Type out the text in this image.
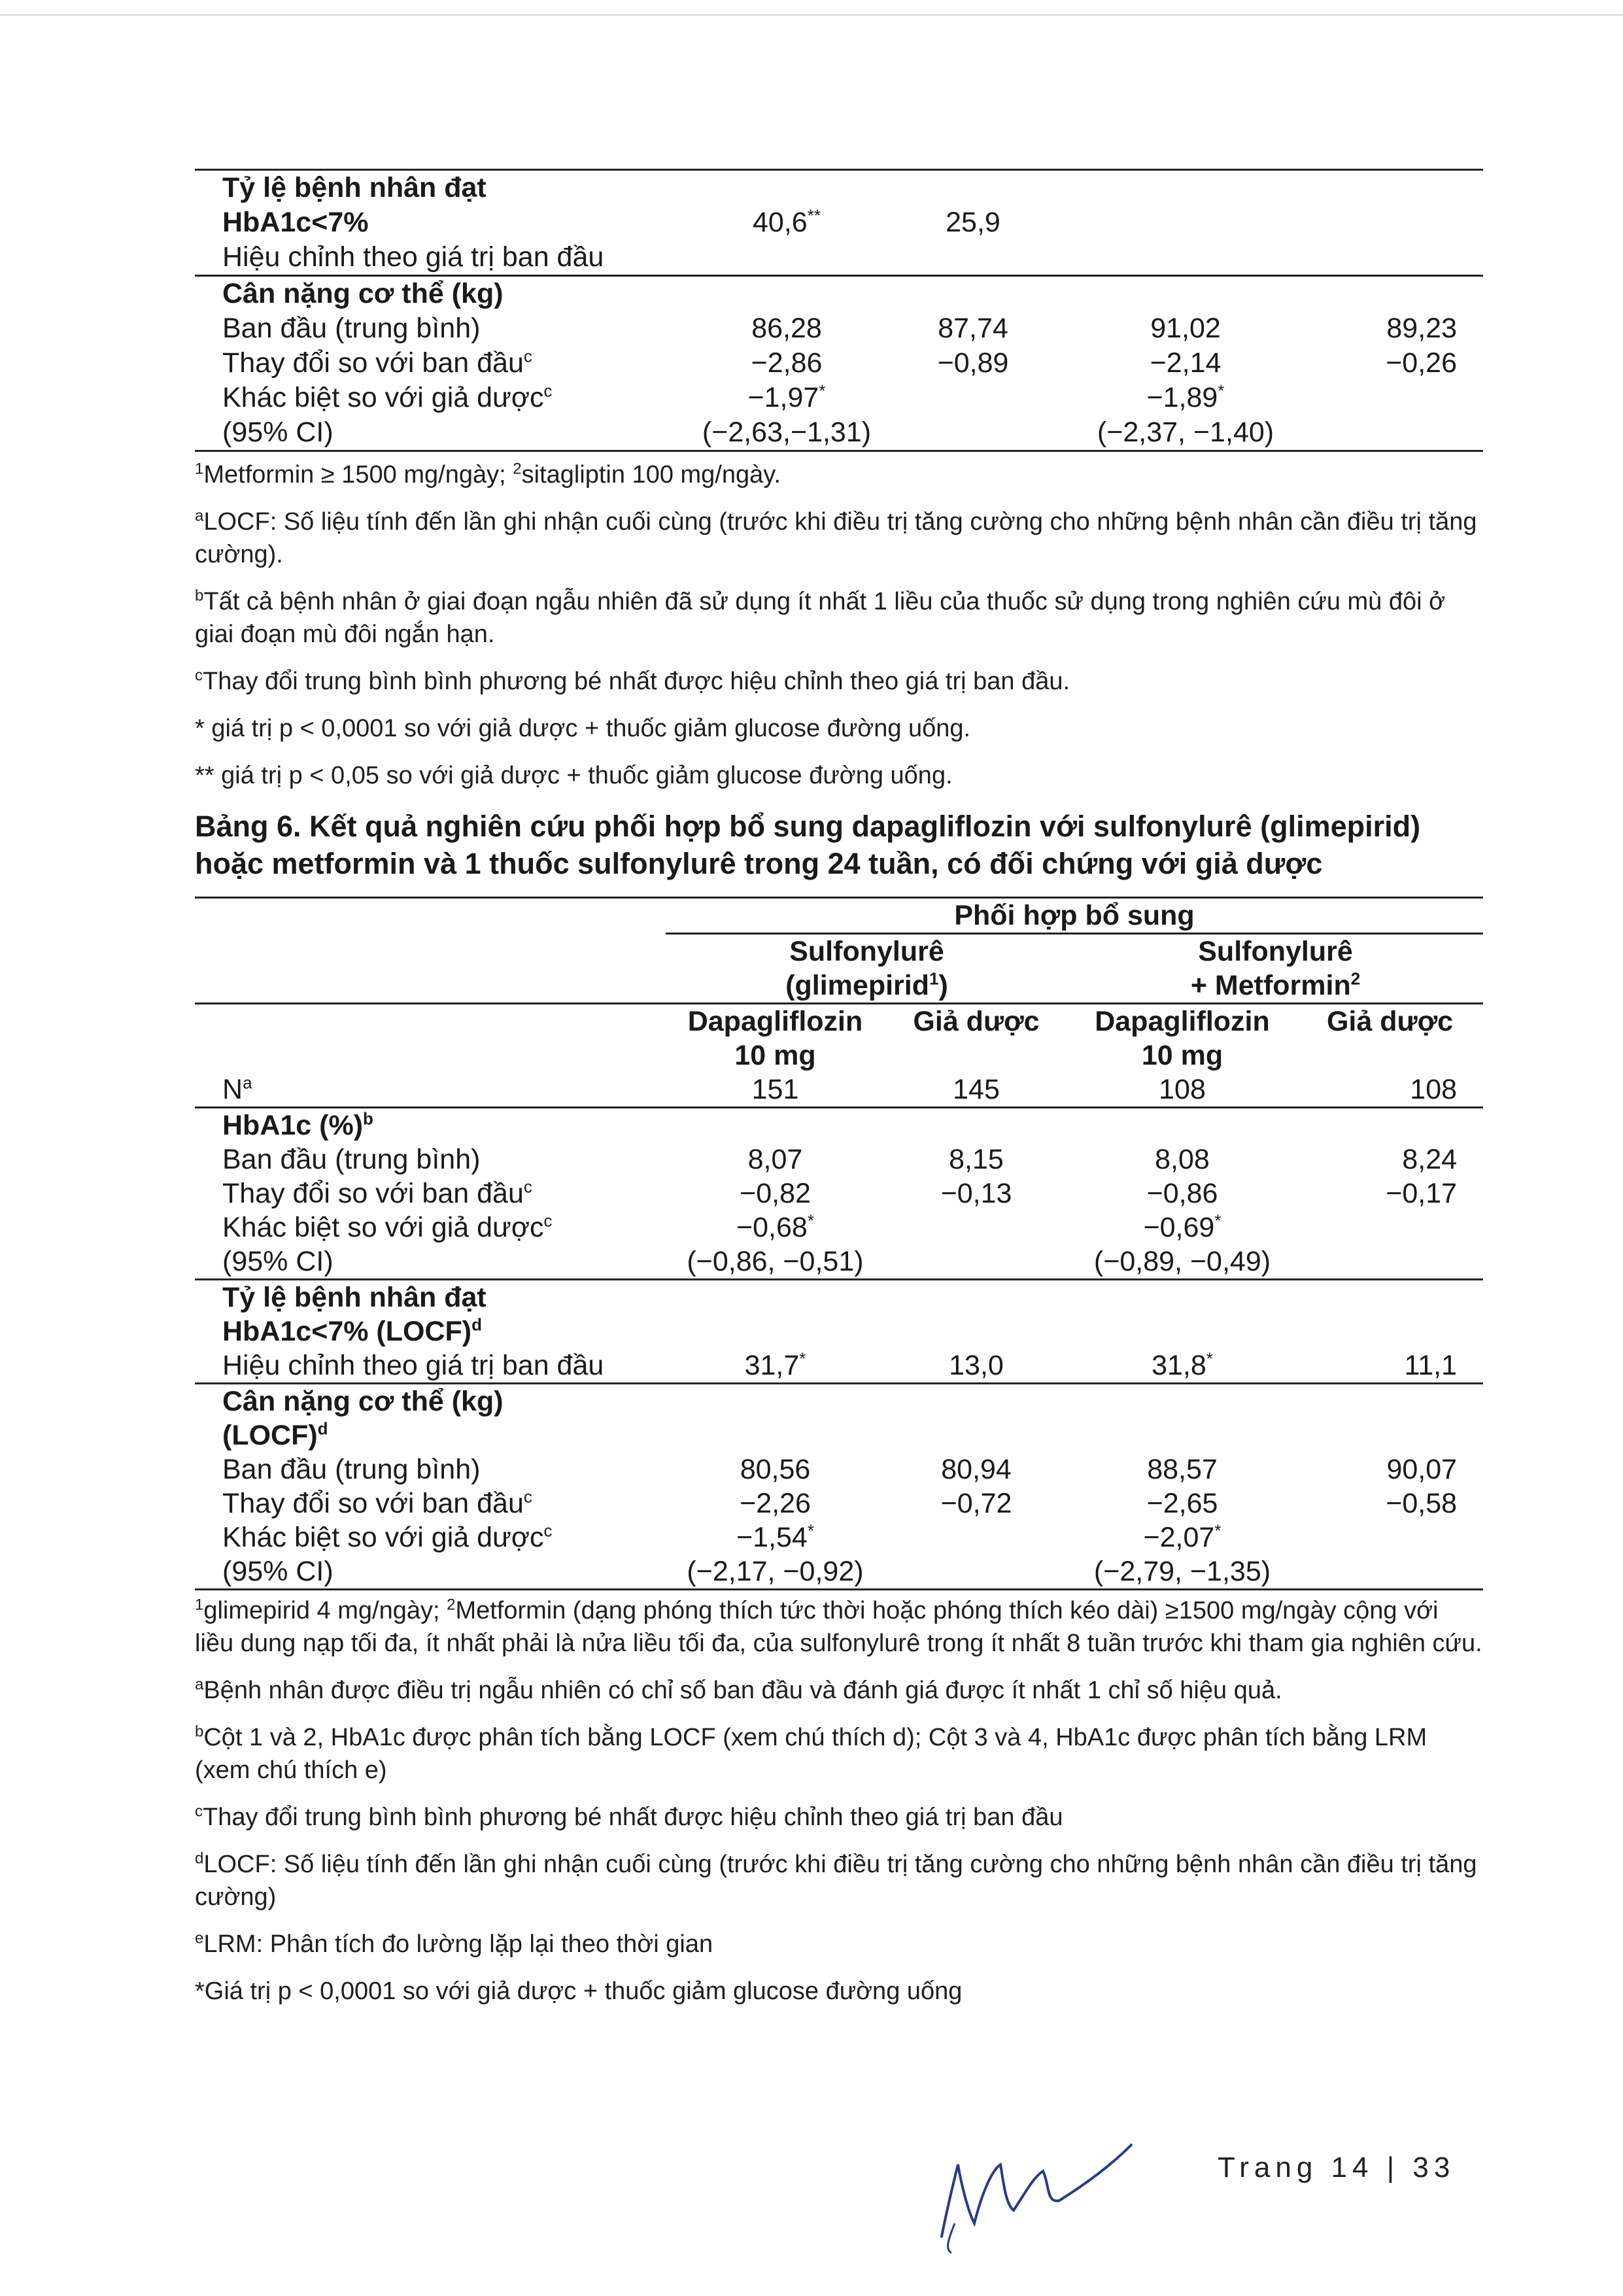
Tỷ lệ bệnh nhân đạt				
HbA1c<7%	40,6**	25,9		
Hiệu chỉnh theo giá trị ban đầu				
Cân nặng cơ thể (kg)				
Ban đầu (trung bình)	86,28	87,74	91,02	89,23
Thay đổi so với ban đầu$^c$	−2,86	−0,89	−2,14	−0,26
Khác biệt so với giả dược$^c$	−1,97*		−1,89*	
(95% CI)	(−2,63,−1,31)		(−2,37, −1,40)	

$^1$Metformin ≥ 1500 mg/ngày; $^2$sitagliptin 100 mg/ngày.

$^a$LOCF: Số liệu tính đến lần ghi nhận cuối cùng (trước khi điều trị tăng cường cho những bệnh nhân cần điều trị tăng cường).

$^b$Tất cả bệnh nhân ở giai đoạn ngẫu nhiên đã sử dụng ít nhất 1 liều của thuốc sử dụng trong nghiên cứu mù đôi ở giai đoạn mù đôi ngắn hạn.

$^c$Thay đổi trung bình bình phương bé nhất được hiệu chỉnh theo giá trị ban đầu.

* giá trị p < 0,0001 so với giả dược + thuốc giảm glucose đường uống.

** giá trị p < 0,05 so với giả dược + thuốc giảm glucose đường uống.

Bảng 6. Kết quả nghiên cứu phối hợp bổ sung dapagliflozin với sulfonylurê (glimepirid) hoặc metformin và 1 thuốc sulfonylurê trong 24 tuần, có đối chứng với giả dược
	Phối hợp bổ sung			
	Sulfonylurê		Sulfonylurê	
	(glimepirid$^1$)		+ Metformin$^2$
	Dapagliflozin	Giả dược	Dapagliflozin	Giả dược
	10 mg		10 mg	
$N^a$	151	145	108	108
HbA1c (%)$^b$				
Ban đầu (trung bình)	8,07	8,15	8,08	8,24
Thay đổi so với ban đầu$^c$	−0,82	−0,13	−0,86	−0,17
Khác biệt so với giả dược$^c$	−0,68*		−0,69*	
(95% CI)	(−0,86, −0,51)		(−0,89, −0,49)	
Tỷ lệ bệnh nhân đạt				
HbA1c<7% (LOCF)$^d$				
Hiệu chỉnh theo giá trị ban đầu	31,7*	13,0	31,8*	11,1
Cân nặng cơ thể (kg)				
(LOCF)$^d$				
Ban đầu (trung bình)	80,56	80,94	88,57	90,07
Thay đổi so với ban đầu$^c$	−2,26	−0,72	−2,65	−0,58
Khác biệt so với giả dược$^c$	−1,54*		−2,07*	
(95% CI)	(−2,17, −0,92)		(−2,79, −1,35)	

$^1$glimepirid 4 mg/ngày; $^2$Metformin (dạng phóng thích tức thời hoặc phóng thích kéo dài) ≥1500 mg/ngày cộng với liều dung nạp tối đa, ít nhất phải là nửa liều tối đa, của sulfonylurê trong ít nhất 8 tuần trước khi tham gia nghiên cứu.

$^a$Bệnh nhân được điều trị ngẫu nhiên có chỉ số ban đầu và đánh giá được ít nhất 1 chỉ số hiệu quả.

$^b$Cột 1 và 2, HbA1c được phân tích bằng LOCF (xem chú thích d); Cột 3 và 4, HbA1c được phân tích bằng LRM (xem chú thích e)

$^c$Thay đổi trung bình bình phương bé nhất được hiệu chỉnh theo giá trị ban đầu

$^d$LOCF: Số liệu tính đến lần ghi nhận cuối cùng (trước khi điều trị tăng cường cho những bệnh nhân cần điều trị tăng cường)

$^e$LRM: Phân tích đo lường lặp lại theo thời gian

*Giá trị p < 0,0001 so với giả dược + thuốc giảm glucose đường uống

Trang 14 | 33
